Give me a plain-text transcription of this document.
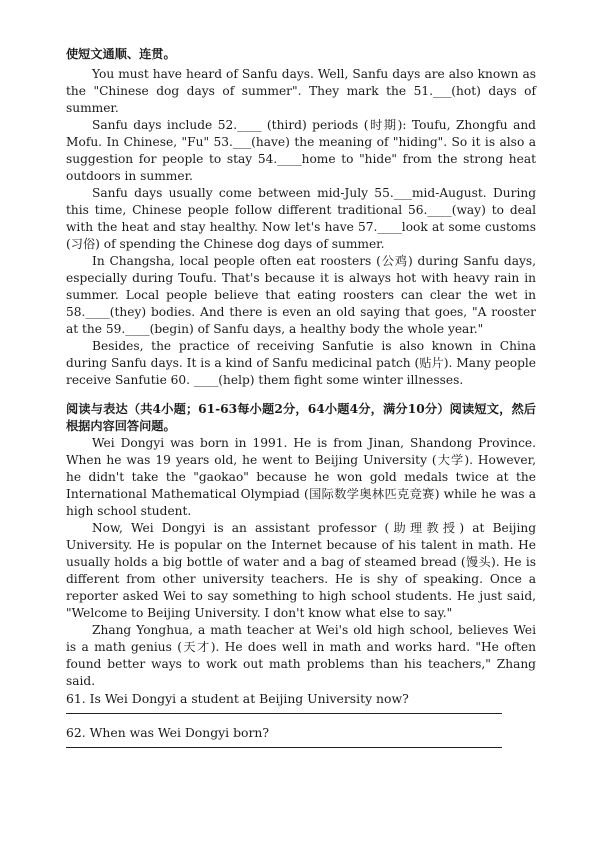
使短文通顺、连贯。

You must have heard of Sanfu days. Well, Sanfu days are also known as the "Chinese dog days of summer". They mark the 51.___(hot) days of summer.

Sanfu days include 52.____ (third) periods (时期): Toufu, Zhongfu and Mofu. In Chinese, "Fu" 53.___(have) the meaning of "hiding". So it is also a suggestion for people to stay 54.____home to "hide" from the strong heat outdoors in summer.

Sanfu days usually come between mid-July 55.___mid-August. During this time, Chinese people follow different traditional 56.____(way) to deal with the heat and stay healthy. Now let's have 57.____look at some customs (习俗) of spending the Chinese dog days of summer.

In Changsha, local people often eat roosters (公鸡) during Sanfu days, especially during Toufu. That's because it is always hot with heavy rain in summer. Local people believe that eating roosters can clear the wet in 58.____(they) bodies. And there is even an old saying that goes, "A rooster at the 59.____(begin) of Sanfu days, a healthy body the whole year."

Besides, the practice of receiving Sanfutie is also known in China during Sanfu days. It is a kind of Sanfu medicinal patch (贴片). Many people receive Sanfutie 60. ____(help) them fight some winter illnesses.

阅读与表达（共4小题；61-63每小题2分，64小题4分，满分10分）阅读短文，然后根据内容回答问题。

Wei Dongyi was born in 1991. He is from Jinan, Shandong Province. When he was 19 years old, he went to Beijing University (大学). However, he didn't take the "gaokao" because he won gold medals twice at the International Mathematical Olympiad (国际数学奥林匹克竞赛) while he was a high school student.

Now, Wei Dongyi is an assistant professor (助理教授) at Beijing University. He is popular on the Internet because of his talent in math. He usually holds a big bottle of water and a bag of steamed bread (馒头). He is different from other university teachers. He is shy of speaking. Once a reporter asked Wei to say something to high school students. He just said, "Welcome to Beijing University. I don't know what else to say."

Zhang Yonghua, a math teacher at Wei's old high school, believes Wei is a math genius (天才). He does well in math and works hard. "He often found better ways to work out math problems than his teachers," Zhang said.

61. Is Wei Dongyi a student at Beijing University now?

62. When was Wei Dongyi born?
